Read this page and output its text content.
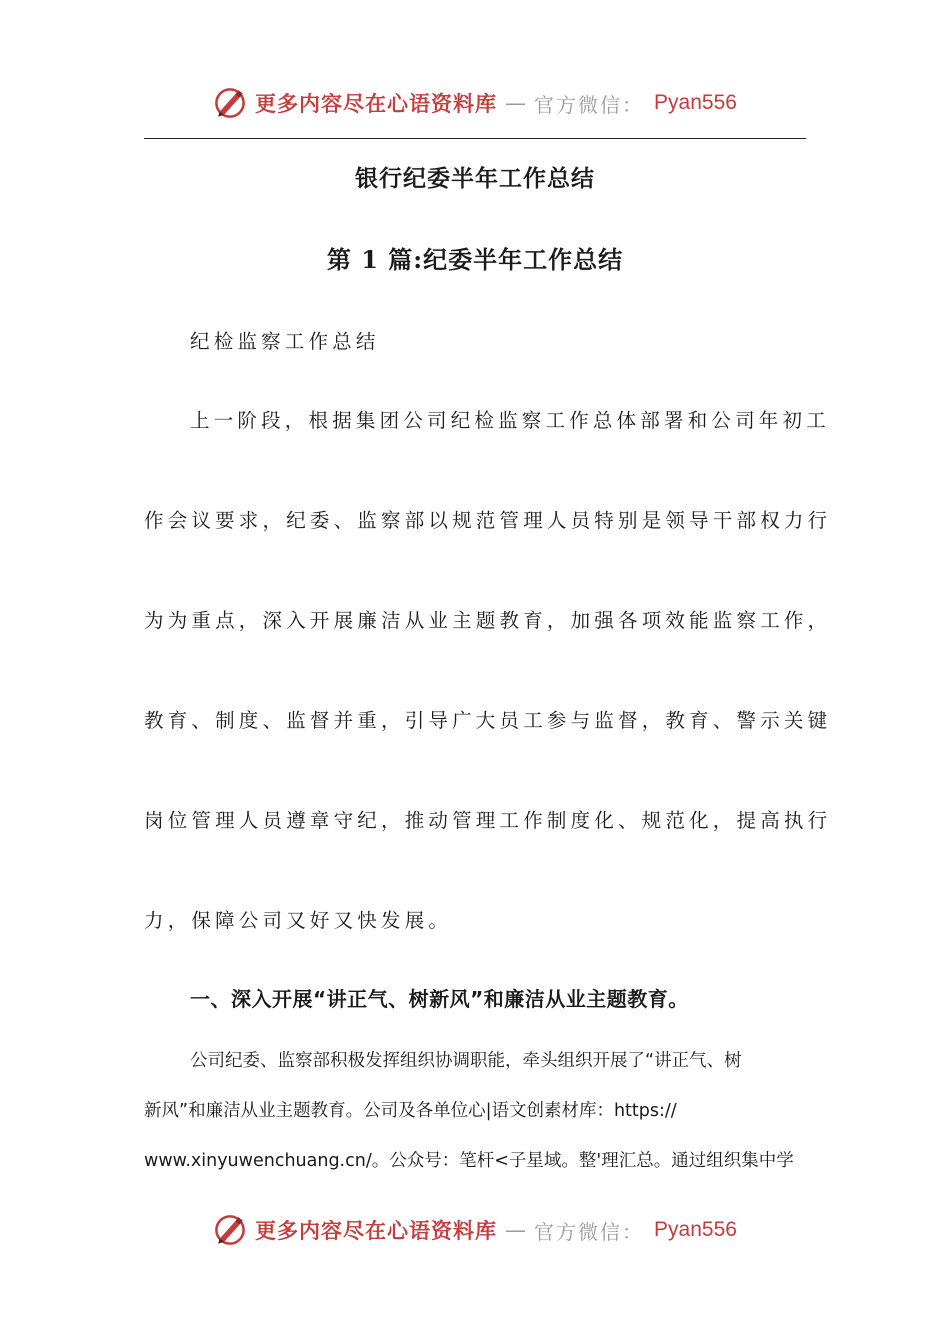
更多内容尽在心语资料库 — 官方微信： Pyan556
银行纪委半年工作总结
第 1 篇:纪委半年工作总结
纪检监察工作总结
上一阶段，根据集团公司纪检监察工作总体部署和公司年初工
作会议要求，纪委、监察部以规范管理人员特别是领导干部权力行
为为重点，深入开展廉洁从业主题教育，加强各项效能监察工作，
教育、制度、监督并重，引导广大员工参与监督，教育、警示关键
岗位管理人员遵章守纪，推动管理工作制度化、规范化，提高执行
力，保障公司又好又快发展。
一、深入开展“讲正气、树新风”和廉洁从业主题教育。
公司纪委、监察部积极发挥组织协调职能，牵头组织开展了“讲正气、树
新风”和廉洁从业主题教育。公司及各单位心|语文创素材库：https://
www.xinyuwenchuang.cn/。公众号：笔杆<子星域。整'理汇总。通过组织集中学
更多内容尽在心语资料库 — 官方微信： Pyan556
